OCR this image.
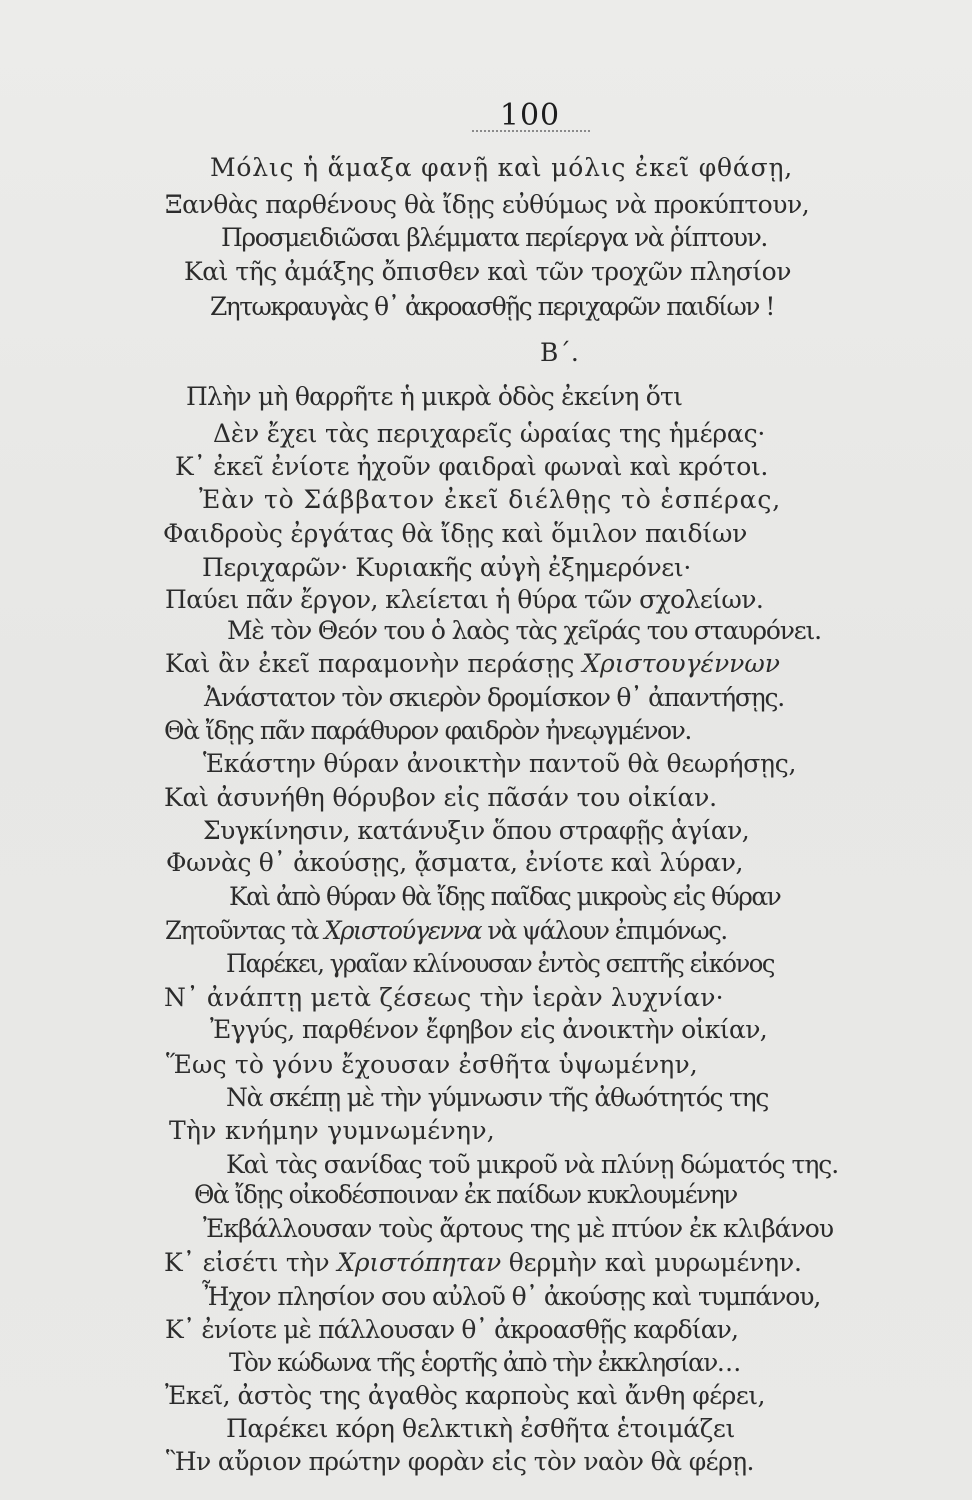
100
Β΄.
Μόλις ἡ ἅμαξα φανῇ καὶ μόλις ἐκεῖ φθάσῃ,
Ξανθὰς παρθένους θὰ ἴδῃς εὐθύμως νὰ προκύπτουν,
Προσμειδιῶσαι βλέμματα περίεργα νὰ ῥίπτουν.
Καὶ τῆς ἀμάξης ὄπισθεν καὶ τῶν τροχῶν πλησίον
Ζητωκραυγὰς θ᾿ ἀκροασθῇς περιχαρῶν παιδίων !
Πλὴν μὴ θαρρῆτε ἡ μικρὰ ὁδὸς ἐκείνη ὅτι
Δὲν ἔχει τὰς περιχαρεῖς ὡραίας της ἡμέρας·
Κ᾿ ἐκεῖ ἐνίοτε ἠχοῦν φαιδραὶ φωναὶ καὶ κρότοι.
Ἐὰν τὸ Σάββατον ἐκεῖ διέλθῃς τὸ ἑσπέρας,
Φαιδροὺς ἐργάτας θὰ ἴδῃς καὶ ὅμιλον παιδίων
Περιχαρῶν· Κυριακῆς αὐγὴ ἐξημερόνει·
Παύει πᾶν ἔργον, κλείεται ἡ θύρα τῶν σχολείων.
Μὲ τὸν Θεόν του ὁ λαὸς τὰς χεῖράς του σταυρόνει.
Καὶ ἂν ἐκεῖ παραμονὴν περάσῃς Χριστουγέννων
Ἀνάστατον τὸν σκιερὸν δρομίσκον θ᾿ ἀπαντήσῃς.
Θὰ ἴδῃς πᾶν παράθυρον φαιδρὸν ἠνεῳγμένον.
Ἑκάστην θύραν ἀνοικτὴν παντοῦ θὰ θεωρήσῃς,
Καὶ ἀσυνήθη θόρυβον εἰς πᾶσάν του οἰκίαν.
Συγκίνησιν, κατάνυξιν ὅπου στραφῇς ἁγίαν,
Φωνὰς θ᾿ ἀκούσῃς, ᾄσματα, ἐνίοτε καὶ λύραν,
Καὶ ἀπὸ θύραν θὰ ἴδῃς παῖδας μικροὺς εἰς θύραν
Ζητοῦντας τὰ Χριστούγεννα νὰ ψάλουν ἐπιμόνως.
Παρέκει, γραῖαν κλίνουσαν ἐντὸς σεπτῆς εἰκόνος
Ν᾿ ἀνάπτῃ μετὰ ζέσεως τὴν ἱερὰν λυχνίαν·
Ἐγγύς, παρθένον ἔφηβον εἰς ἀνοικτὴν οἰκίαν,
Ἕως τὸ γόνυ ἔχουσαν ἐσθῆτα ὑψωμένην,
Νὰ σκέπῃ μὲ τὴν γύμνωσιν τῆς ἀθωότητός της
Τὴν κνήμην γυμνωμένην,
Καὶ τὰς σανίδας τοῦ μικροῦ νὰ πλύνῃ δώματός της.
Θὰ ἴδῃς οἰκοδέσποιναν ἐκ παίδων κυκλουμένην
Ἐκβάλλουσαν τοὺς ἄρτους της μὲ πτύον ἐκ κλιβάνου
Κ᾿ εἰσέτι τὴν Χριστόπηταν θερμὴν καὶ μυρωμένην.
Ἦχον πλησίον σου αὐλοῦ θ᾿ ἀκούσῃς καὶ τυμπάνου,
Κ᾿ ἐνίοτε μὲ πάλλουσαν θ᾿ ἀκροασθῇς καρδίαν,
Τὸν κώδωνα τῆς ἑορτῆς ἀπὸ τὴν ἐκκλησίαν…
Ἐκεῖ, ἀστὸς της ἀγαθὸς καρποὺς καὶ ἄνθη φέρει,
Παρέκει κόρη θελκτικὴ ἐσθῆτα ἑτοιμάζει
Ἣν αὔριον πρώτην φορὰν εἰς τὸν ναὸν θὰ φέρῃ.
